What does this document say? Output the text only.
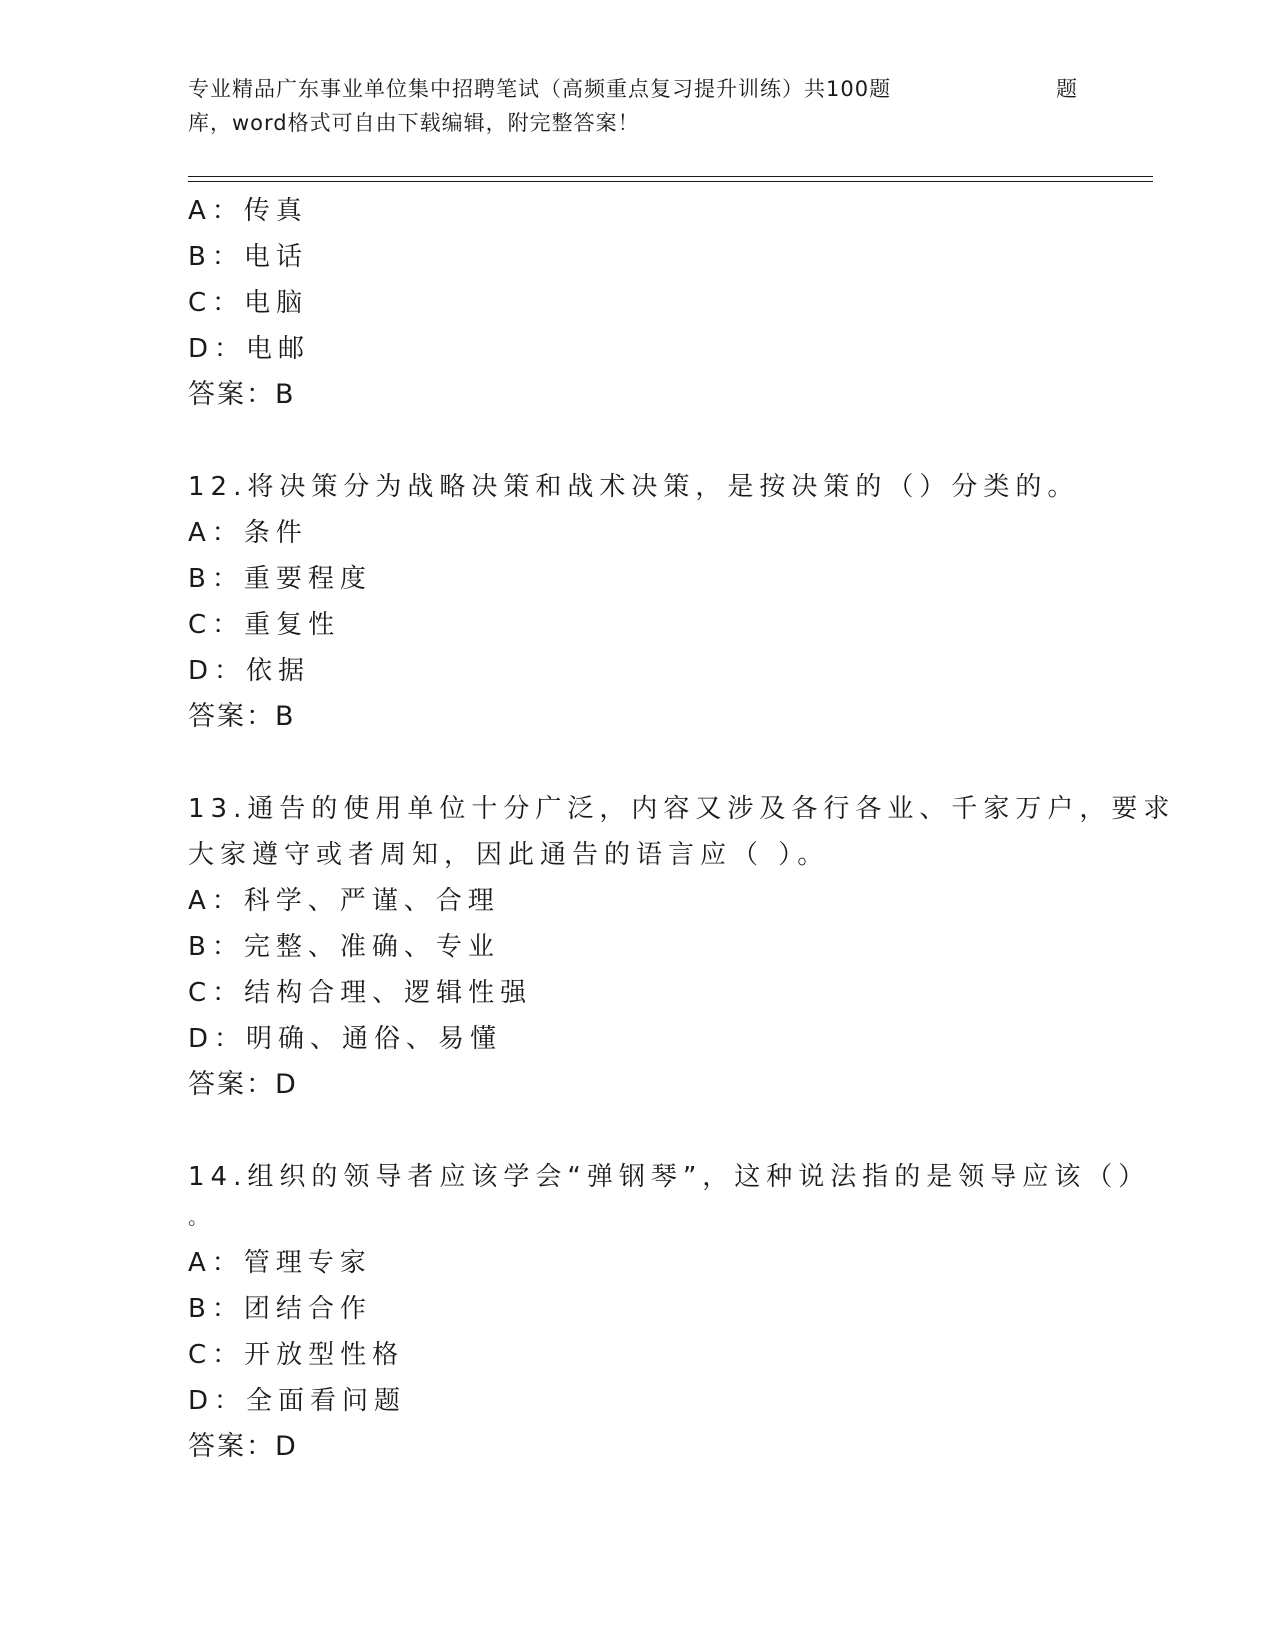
专业精品广东事业单位集中招聘笔试（高频重点复习提升训练）共100题	题
库，word格式可自由下载编辑，附完整答案！
A：传真
B：电话
C：电脑
D：电邮
答案：B
12.将决策分为战略决策和战术决策，是按决策的（）分类的。
A：条件
B：重要程度
C：重复性
D：依据
答案：B
13.通告的使用单位十分广泛，内容又涉及各行各业、千家万户，要求
大家遵守或者周知，因此通告的语言应（ ）。
A：科学、严谨、合理
B：完整、准确、专业
C：结构合理、逻辑性强
D：明确、通俗、易懂
答案：D
14.组织的领导者应该学会“弹钢琴”，这种说法指的是领导应该（）
。
A：管理专家
B：团结合作
C：开放型性格
D：全面看问题
答案：D
